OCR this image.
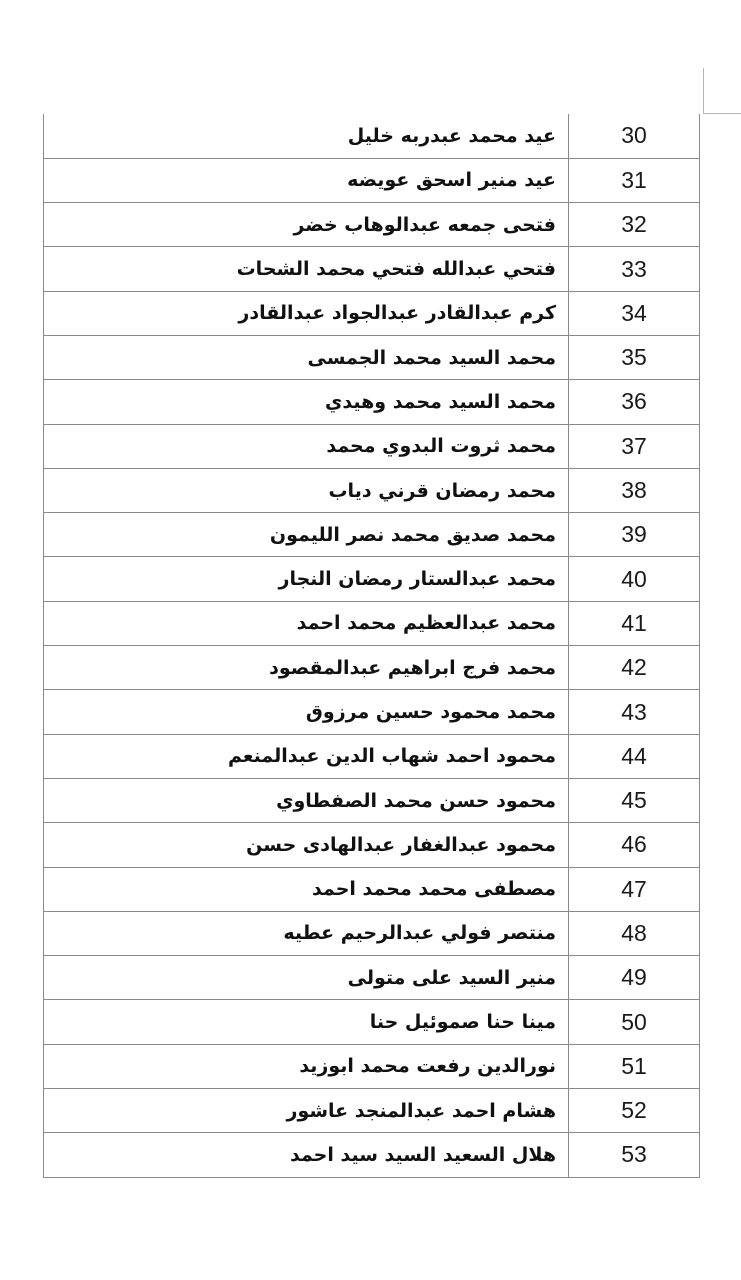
عيد محمد عبدربه خليل	30
عيد منير اسحق عويضه	31
فتحى جمعه عبدالوهاب خضر	32
فتحي عبدالله فتحي محمد الشحات	33
كرم عبدالقادر عبدالجواد عبدالقادر	34
محمد السيد محمد الجمسى	35
محمد السيد محمد وهيدي	36
محمد ثروت البدوي محمد	37
محمد رمضان قرني دياب	38
محمد صديق محمد نصر الليمون	39
محمد عبدالستار رمضان النجار	40
محمد عبدالعظيم محمد احمد	41
محمد فرج ابراهيم عبدالمقصود	42
محمد محمود حسين مرزوق	43
محمود احمد شهاب الدين عبدالمنعم	44
محمود حسن محمد الصفطاوي	45
محمود عبدالغفار عبدالهادى حسن	46
مصطفى محمد محمد احمد	47
منتصر فولي عبدالرحيم عطيه	48
منير السيد على متولى	49
مينا حنا صموئيل حنا	50
نورالدين رفعت محمد ابوزيد	51
هشام احمد عبدالمنجد عاشور	52
هلال السعيد السيد سيد احمد	53
